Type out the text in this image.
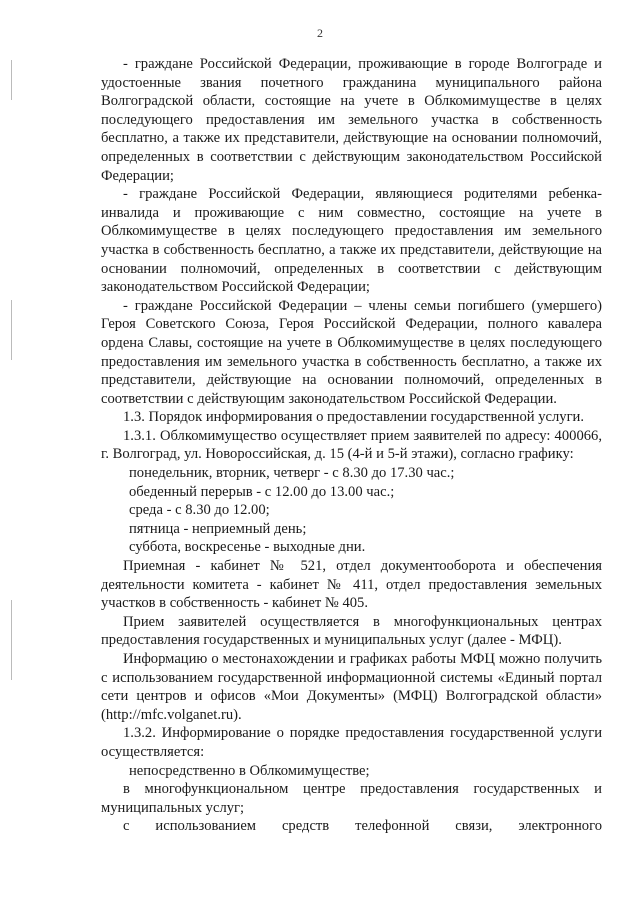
2

- граждане Российской Федерации, проживающие в городе Волгограде и удостоенные звания почетного гражданина муниципального района Волгоградской области, состоящие на учете в Облкомимуществе в целях последующего предоставления им земельного участка в собственность бесплатно, а также их представители, действующие на основании полномочий, определенных в соответствии с действующим законодательством Российской Федерации;

- граждане Российской Федерации, являющиеся родителями ребенка-инвалида и проживающие с ним совместно, состоящие на учете в Облкомимуществе в целях последующего предоставления им земельного участка в собственность бесплатно, а также их представители, действующие на основании полномочий, определенных в соответствии с действующим законодательством Российской Федерации;

- граждане Российской Федерации – члены семьи погибшего (умершего) Героя Советского Союза, Героя Российской Федерации, полного кавалера ордена Славы, состоящие на учете в Облкомимуществе в целях последующего предоставления им земельного участка в собственность бесплатно, а также их представители, действующие на основании полномочий, определенных в соответствии с действующим законодательством Российской Федерации.

1.3. Порядок информирования о предоставлении государственной услуги.

1.3.1. Облкомимущество осуществляет прием заявителей по адресу: 400066, г. Волгоград, ул. Новороссийская, д. 15 (4-й и 5-й этажи), согласно графику:

понедельник, вторник, четверг - с 8.30 до 17.30 час.;

обеденный перерыв - с 12.00 до 13.00 час.;

среда - с 8.30 до 12.00;

пятница - неприемный день;

суббота, воскресенье - выходные дни.

Приемная - кабинет № 521, отдел документооборота и обеспечения деятельности комитета - кабинет № 411, отдел предоставления земельных участков в собственность - кабинет № 405.

Прием заявителей осуществляется в многофункциональных центрах предоставления государственных и муниципальных услуг (далее - МФЦ).

Информацию о местонахождении и графиках работы МФЦ можно получить с использованием государственной информационной системы «Единый портал сети центров и офисов «Мои Документы» (МФЦ) Волгоградской области» (http://mfc.volganet.ru).

1.3.2. Информирование о порядке предоставления государственной услуги осуществляется:

непосредственно в Облкомимуществе;

в многофункциональном центре предоставления государственных и муниципальных услуг;

с использованием средств телефонной связи, электронного
